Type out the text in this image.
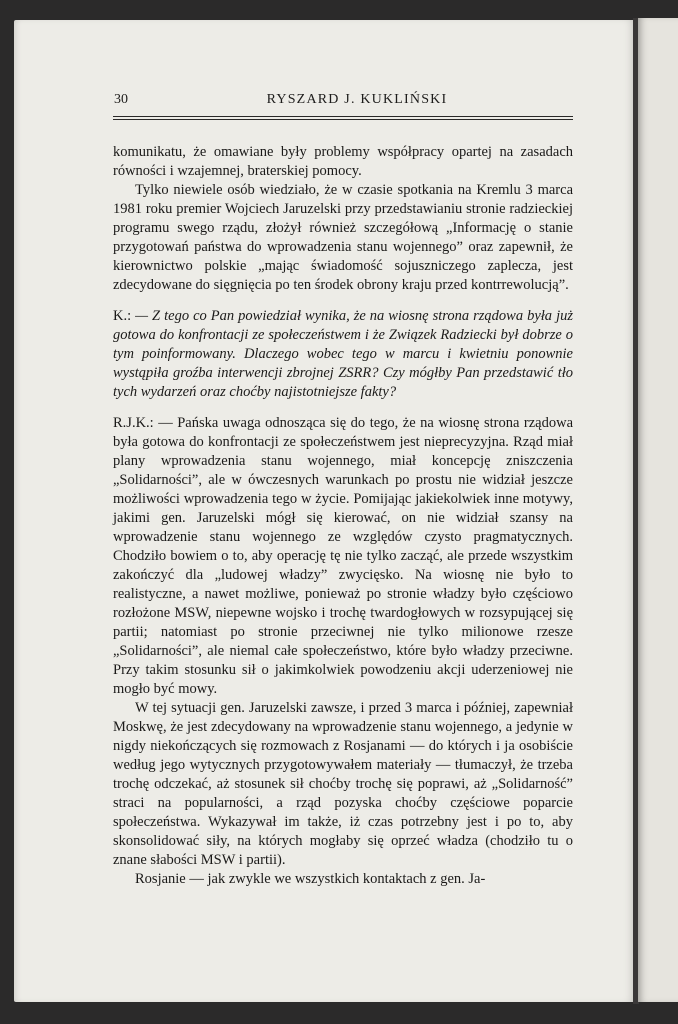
30	RYSZARD J. KUKLIŃSKI

komunikatu, że omawiane były problemy współpracy opartej na zasadach równości i wzajemnej, braterskiej pomocy.

Tylko niewiele osób wiedziało, że w czasie spotkania na Kremlu 3 marca 1981 roku premier Wojciech Jaruzelski przy przedstawianiu stronie radzieckiej programu swego rządu, złożył również szczegółową „Informację o stanie przygotowań państwa do wprowadzenia stanu wojennego” oraz zapewnił, że kierownictwo polskie „mając świadomość sojuszniczego zaplecza, jest zdecydowane do sięgnięcia po ten środek obrony kraju przed kontrrewolucją”.

K.: — Z tego co Pan powiedział wynika, że na wiosnę strona rządowa była już gotowa do konfrontacji ze społeczeństwem i że Związek Radziecki był dobrze o tym poinformowany. Dlaczego wobec tego w marcu i kwietniu ponownie wystąpiła groźba interwencji zbrojnej ZSRR? Czy mógłby Pan przedstawić tło tych wydarzeń oraz choćby najistotniejsze fakty?

R.J.K.: — Pańska uwaga odnosząca się do tego, że na wiosnę strona rządowa była gotowa do konfrontacji ze społeczeństwem jest nieprecyzyjna. Rząd miał plany wprowadzenia stanu wojennego, miał koncepcję zniszczenia „Solidarności”, ale w ówczesnych warunkach po prostu nie widział jeszcze możliwości wprowadzenia tego w życie. Pomijając jakiekolwiek inne motywy, jakimi gen. Jaruzelski mógł się kierować, on nie widział szansy na wprowadzenie stanu wojennego ze względów czysto pragmatycznych. Chodziło bowiem o to, aby operację tę nie tylko zacząć, ale przede wszystkim zakończyć dla „ludowej władzy” zwycięsko. Na wiosnę nie było to realistyczne, a nawet możliwe, ponieważ po stronie władzy było częściowo rozłożone MSW, niepewne wojsko i trochę twardogłowych w rozsypującej się partii; natomiast po stronie przeciwnej nie tylko milionowe rzesze „Solidarności”, ale niemal całe społeczeństwo, które było władzy przeciwne. Przy takim stosunku sił o jakimkolwiek powodzeniu akcji uderzeniowej nie mogło być mowy.

W tej sytuacji gen. Jaruzelski zawsze, i przed 3 marca i później, zapewniał Moskwę, że jest zdecydowany na wprowadzenie stanu wojennego, a jedynie w nigdy niekończących się rozmowach z Rosjanami — do których i ja osobiście według jego wytycznych przygotowywałem materiały — tłumaczył, że trzeba trochę odczekać, aż stosunek sił choćby trochę się poprawi, aż „Solidarność” straci na popularności, a rząd pozyska choćby częściowe poparcie społeczeństwa. Wykazywał im także, iż czas potrzebny jest i po to, aby skonsolidować siły, na których mogłaby się oprzeć władza (chodziło tu o znane słabości MSW i partii).

Rosjanie — jak zwykle we wszystkich kontaktach z gen. Ja-
